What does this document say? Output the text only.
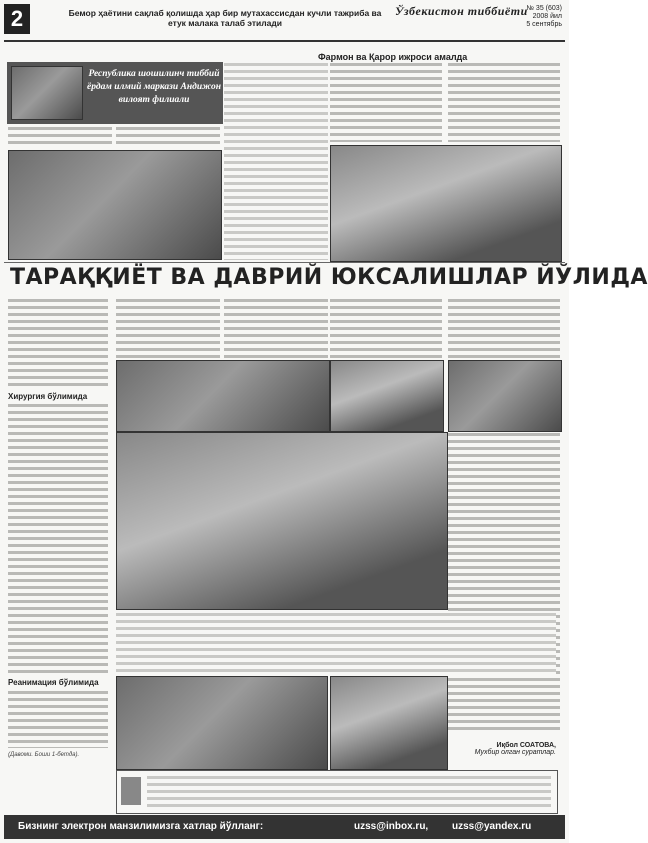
2	Бемор ҳаётини сақлаб қолишда ҳар бир мутахассисдан кучли тажриба ва етук малака талаб этилади
Ўзбекистон тиббиёти
№ 35 (603)
2008 йил
5 сентябрь
Республика шошилинч тиббий ёрдам илмий маркази Андижон вилоят филиали
Фармон ва Қарор ижроси амалда
ТАРАҚҚИЁТ ВА ДАВРИЙ ЮКСАЛИШЛАР ЙЎЛИДА
Хирургия бўлимида
Реанимация бўлимида
(Давоми. Боши 1-бетда).
Иқбол СОАТОВА,
Мухбир олган суратлар.
Бизнинг электрон манзилимизга хатлар йўлланг:	uzss@inbox.ru, uzss@yandex.ru
